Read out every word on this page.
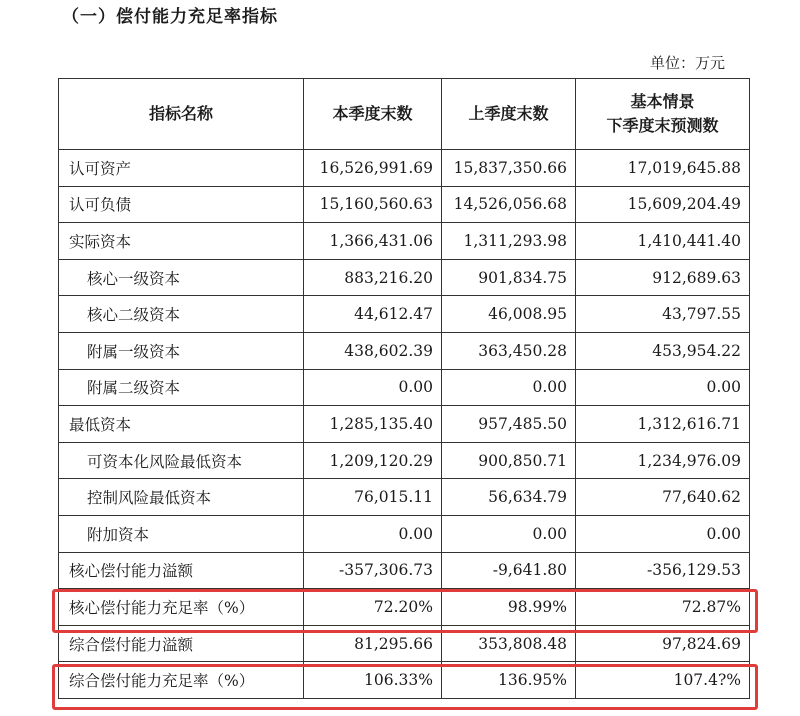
（一）偿付能力充足率指标
单位：万元
指标名称	本季度末数	上季度末数	基本情景
下季度末预测数

认可资产	16,526,991.69	15,837,350.66	17,019,645.88
认可负债	15,160,560.63	14,526,056.68	15,609,204.49
实际资本	1,366,431.06	1,311,293.98	1,410,441.40
核心一级资本	883,216.20	901,834.75	912,689.63
核心二级资本	44,612.47	46,008.95	43,797.55
附属一级资本	438,602.39	363,450.28	453,954.22
附属二级资本	0.00	0.00	0.00
最低资本	1,285,135.40	957,485.50	1,312,616.71
可资本化风险最低资本	1,209,120.29	900,850.71	1,234,976.09
控制风险最低资本	76,015.11	56,634.79	77,640.62
附加资本	0.00	0.00	0.00
核心偿付能力溢额	-357,306.73	-9,641.80	-356,129.53
核心偿付能力充足率（%）	72.20%	98.99%	72.87%
综合偿付能力溢额	81,295.66	353,808.48	97,824.69
综合偿付能力充足率（%）	106.33%	136.95%	107.4?%
